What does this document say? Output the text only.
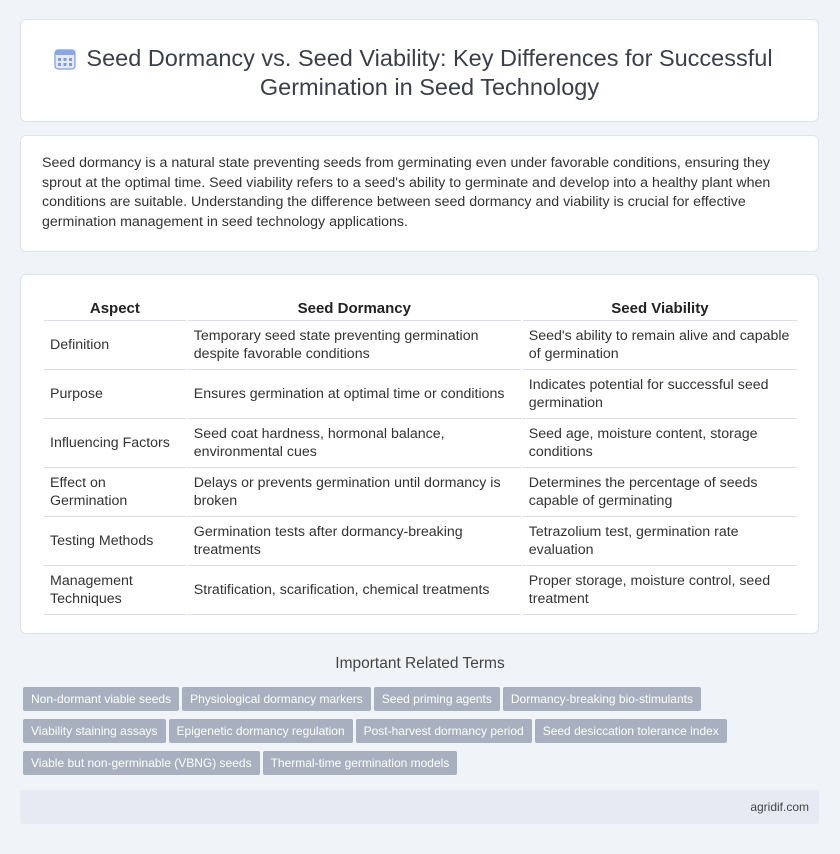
Seed Dormancy vs. Seed Viability: Key Differences for Successful Germination in Seed Technology
Seed dormancy is a natural state preventing seeds from germinating even under favorable conditions, ensuring they sprout at the optimal time. Seed viability refers to a seed's ability to germinate and develop into a healthy plant when conditions are suitable. Understanding the difference between seed dormancy and viability is crucial for effective germination management in seed technology applications.
Aspect	Seed Dormancy	Seed Viability
Definition	Temporary seed state preventing germination despite favorable conditions	Seed's ability to remain alive and capable of germination
Purpose	Ensures germination at optimal time or conditions	Indicates potential for successful seed germination
Influencing Factors	Seed coat hardness, hormonal balance, environmental cues	Seed age, moisture content, storage conditions
Effect on Germination	Delays or prevents germination until dormancy is broken	Determines the percentage of seeds capable of germinating
Testing Methods	Germination tests after dormancy-breaking treatments	Tetrazolium test, germination rate evaluation
Management Techniques	Stratification, scarification, chemical treatments	Proper storage, moisture control, seed treatment
Important Related Terms
Non-dormant viable seeds Physiological dormancy markers Seed priming agents Dormancy-breaking bio-stimulants
Viability staining assays Epigenetic dormancy regulation Post-harvest dormancy period Seed desiccation tolerance index
Viable but non-germinable (VBNG) seeds Thermal-time germination models
agridif.com
